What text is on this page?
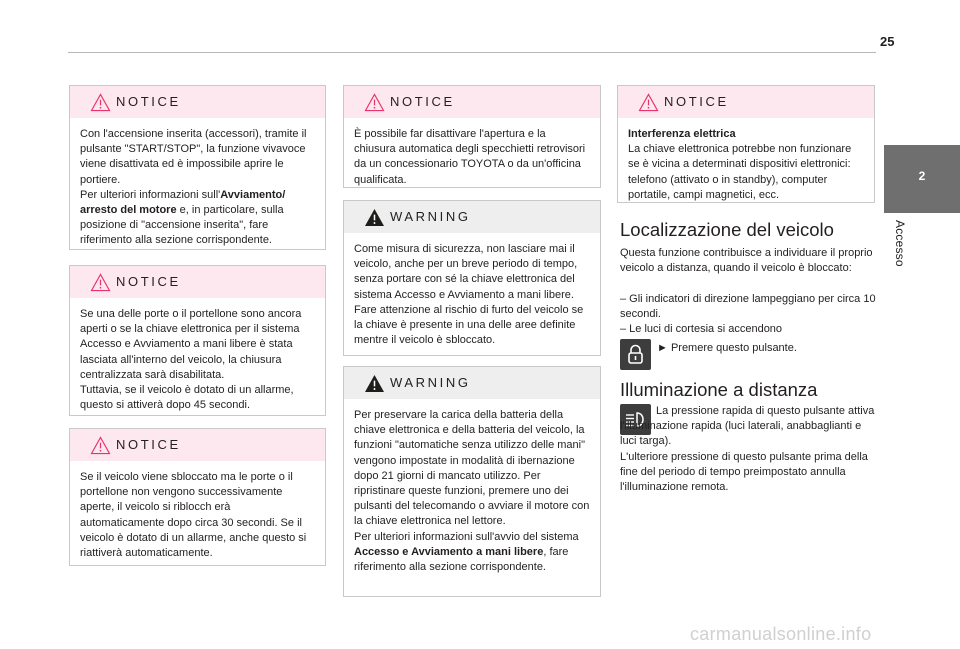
25
2
Accesso
NOTICE
Con l'accensione inserita (accessori), tramite il pulsante "START/STOP", la funzione vivavoce viene disattivata ed è impossibile aprire le portiere.
Per ulteriori informazioni sull'Avviamento/ arresto del motore e, in particolare, sulla posizione di "accensione inserita", fare riferimento alla sezione corrispondente.
NOTICE
Se una delle porte o il portellone sono ancora aperti o se la chiave elettronica per il sistema Accesso e Avviamento a mani libere è stata lasciata all'interno del veicolo, la chiusura centralizzata sarà disabilitata.
Tuttavia, se il veicolo è dotato di un allarme, questo si attiverà dopo 45 secondi.
NOTICE
Se il veicolo viene sbloccato ma le porte o il portellone non vengono successivamente aperte, il veicolo si riblocch erà automaticamente dopo circa 30 secondi. Se il veicolo è dotato di un allarme, anche questo si riattiverà automaticamente.
NOTICE
È possibile far disattivare l'apertura e la chiusura automatica degli specchietti retrovisori da un concessionario TOYOTA o da un'officina qualificata.
WARNING
Come misura di sicurezza, non lasciare mai il veicolo, anche per un breve periodo di tempo, senza portare con sé la chiave elettronica del sistema Accesso e Avviamento a mani libere.
Fare attenzione al rischio di furto del veicolo se la chiave è presente in una delle aree definite mentre il veicolo è sbloccato.
WARNING
Per preservare la carica della batteria della chiave elettronica e della batteria del veicolo, la funzioni "automatiche senza utilizzo delle mani" vengono impostate in modalità di ibernazione dopo 21 giorni di mancato utilizzo. Per ripristinare queste funzioni, premere uno dei pulsanti del telecomando o avviare il motore con la chiave elettronica nel lettore.
Per ulteriori informazioni sull'avvio del sistema Accesso e Avviamento a mani libere, fare riferimento alla sezione corrispondente.
NOTICE
Interferenza elettrica
La chiave elettronica potrebbe non funzionare se è vicina a determinati dispositivi elettronici: telefono (attivato o in standby), computer portatile, campi magnetici, ecc.
Localizzazione del veicolo
Questa funzione contribuisce a individuare il proprio veicolo a distanza, quando il veicolo è bloccato:
– Gli indicatori di direzione lampeggiano per circa 10 secondi.
– Le luci di cortesia si accendono
► Premere questo pulsante.
Illuminazione a distanza
La pressione rapida di questo pulsante attiva l'illuminazione rapida (luci laterali, anabbaglianti e luci targa).
L'ulteriore pressione di questo pulsante prima della fine del periodo di tempo preimpostato annulla l'illuminazione remota.
carmanualsonline.info
